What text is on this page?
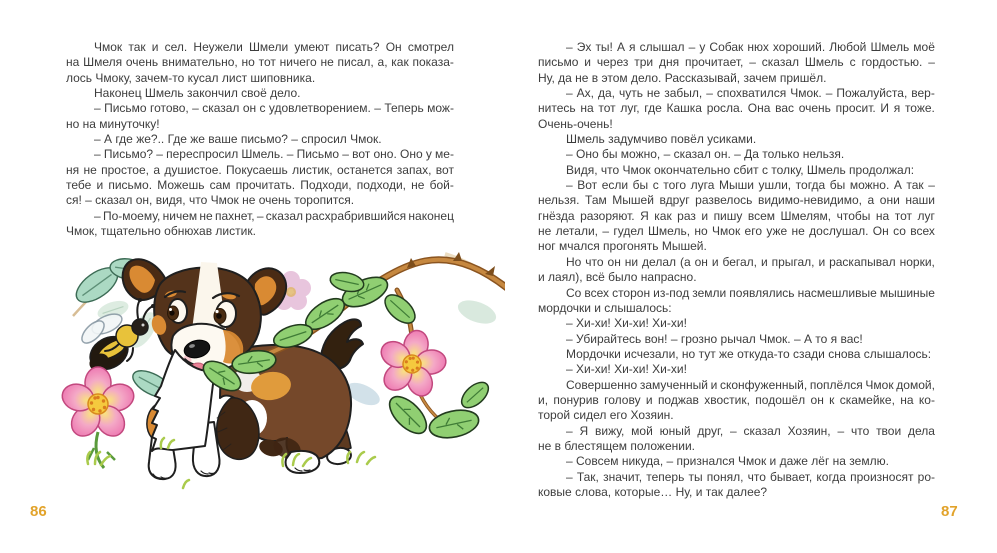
Чмок так и сел. Неужели Шмели умеют писать? Он смотрел
на Шмеля очень внимательно, но тот ничего не писал, а, как показа-
лось Чмоку, зачем-то кусал лист шиповника.
Наконец Шмель закончил своё дело.
– Письмо готово, – сказал он с удовлетворением. – Теперь мож-
но на минуточку!
– А где же?.. Где же ваше письмо? – спросил Чмок.
– Письмо? – переспросил Шмель. – Письмо – вот оно. Оно у ме-
ня не простое, а душистое. Покусаешь листик, останется запах, вот
тебе и письмо. Можешь сам прочитать. Подходи, подходи, не бой-
ся! – сказал он, видя, что Чмок не очень торопится.
– По-моему, ничем не пахнет, – сказал расхрабрившийся наконец
Чмок, тщательно обнюхав листик.
86
– Эх ты! А я слышал – у Собак нюх хороший. Любой Шмель моё
письмо и через три дня прочитает, – сказал Шмель с гордостью. –
Ну, да не в этом дело. Рассказывай, зачем пришёл.
– Ах, да, чуть не забыл, – спохватился Чмок. – Пожалуйста, вер-
нитесь на тот луг, где Кашка росла. Она вас очень просит. И я тоже.
Очень-очень!
Шмель задумчиво повёл усиками.
– Оно бы можно, – сказал он. – Да только нельзя.
Видя, что Чмок окончательно сбит с толку, Шмель продолжал:
– Вот если бы с того луга Мыши ушли, тогда бы можно. А так –
нельзя. Там Мышей вдруг развелось видимо-невидимо, а они наши
гнёзда разоряют. Я как раз и пишу всем Шмелям, чтобы на тот луг
не летали, – гудел Шмель, но Чмок его уже не дослушал. Он со всех
ног мчался прогонять Мышей.
Но что он ни делал (а он и бегал, и прыгал, и раскапывал норки,
и лаял), всё было напрасно.
Со всех сторон из-под земли появлялись насмешливые мышиные
мордочки и слышалось:
– Хи-хи! Хи-хи! Хи-хи!
– Убирайтесь вон! – грозно рычал Чмок. – А то я вас!
Мордочки исчезали, но тут же откуда-то сзади снова слышалось:
– Хи-хи! Хи-хи! Хи-хи!
Совершенно замученный и сконфуженный, поплёлся Чмок домой,
и, понурив голову и поджав хвостик, подошёл он к скамейке, на ко-
торой сидел его Хозяин.
– Я вижу, мой юный друг, – сказал Хозяин, – что твои дела
не в блестящем положении.
– Совсем никуда, – признался Чмок и даже лёг на землю.
– Так, значит, теперь ты понял, что бывает, когда произносят ро-
ковые слова, которые… Ну, и так далее?
87
